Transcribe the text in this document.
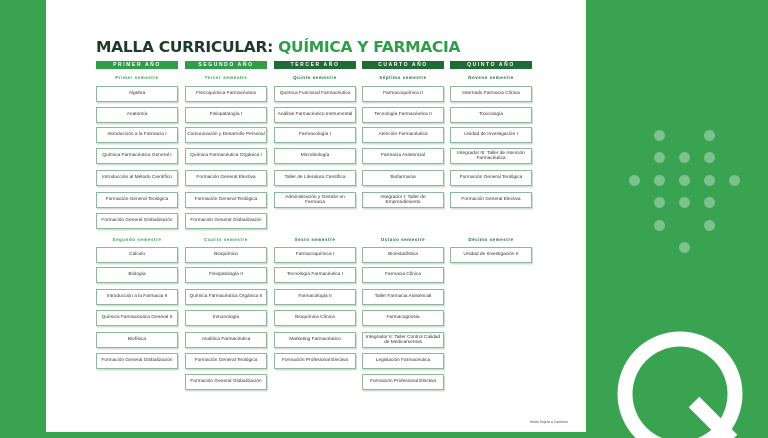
MALLA CURRICULAR: QUÍMICA Y FARMACIA
PRIMER AÑO
Primer semestre
Segundo semestre
Álgebra
Anatomía
Introducción a la Farmacia I
Química Farmacéutica General I
Introducción al Método Científico
Formación General Teológica
Formación General Globalización
Cálculo
Biología
Introducción a la Farmacia II
Química Farmacéutica General II
Biofísica
Formación General Globalización
SEGUNDO AÑO
Tercer semestre
Cuarto semestre
Fisicoquímica Farmacéutica
Fisiopatología I
Comunicación y Desarrollo Personal
Química Farmacéutica Orgánica I
Formación General Electiva
Formación General Teológica
Formación General Globalización
Bioquímica
Fisiopatología II
Química Farmacéutica Orgánica II
Inmunología
Analítica Farmacéutica
Formación General Teológica
Formación General Globalización
TERCER AÑO
Quinto semestre
Sexto semestre
Química Funcional Farmacéutica
Análisis Farmacéutico Instrumental
Farmacología I
Microbiología
Taller de Literatura Científica
Administración y Gestión en Farmacia
Farmacoquímica I
Tecnología Farmacéutica I
Farmacología II
Bioquímica Clínica
Marketing Farmacéutico
Formación Profesional Electiva
CUARTO AÑO
Séptimo semestre
Octavo semestre
Farmacoquímica II
Tecnología Farmacéutica II
Atención Farmacéutica
Farmacia Asistencial
Biofarmacia
Integrador I: Taller de Emprendimiento
Bioestadística
Farmacia Clínica
Taller Farmacia Asistencial
Farmacognosia
Integrador II: Taller Control Calidad de Medicamentos
Legislación Farmacéutica
Formación Profesional Electiva
QUINTO AÑO
Noveno semestre
Décimo semestre
Internado Farmacia Clínica
Toxicología
Unidad de Investigación I
Integrador III: Taller de Atención Farmacéutica
Formación General Teológica
Formación General Electiva
Unidad de Investigación II
Malla Sujeta a Cambios
